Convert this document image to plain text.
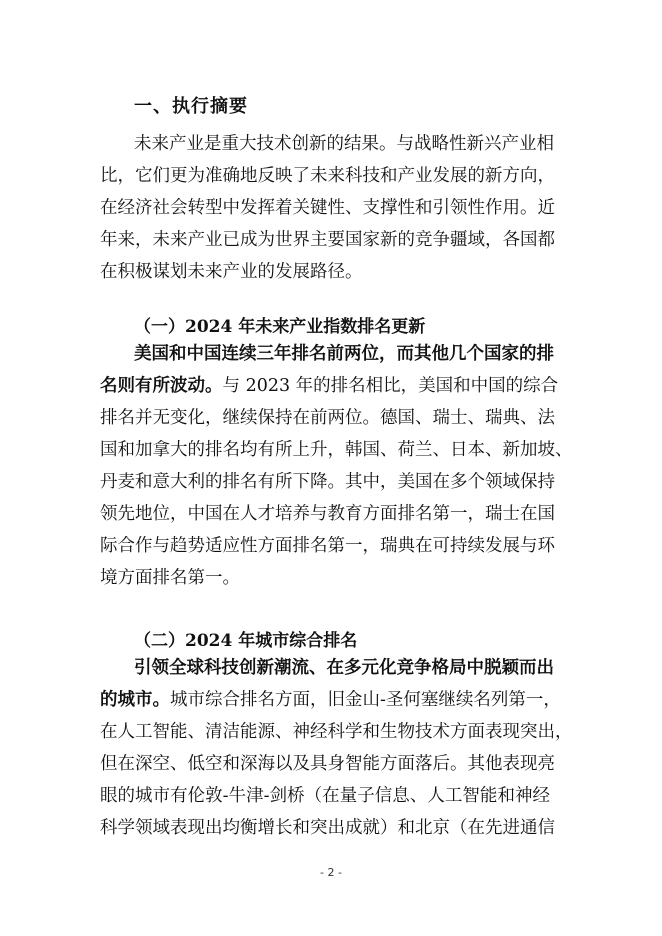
一、执行摘要
未来产业是重大技术创新的结果。与战略性新兴产业相
比，它们更为准确地反映了未来科技和产业发展的新方向，
在经济社会转型中发挥着关键性、支撑性和引领性作用。近
年来，未来产业已成为世界主要国家新的竞争疆域，各国都
在积极谋划未来产业的发展路径。
（一）2024 年未来产业指数排名更新
美国和中国连续三年排名前两位，而其他几个国家的排
名则有所波动。与 2023 年的排名相比，美国和中国的综合
排名并无变化，继续保持在前两位。德国、瑞士、瑞典、法
国和加拿大的排名均有所上升，韩国、荷兰、日本、新加坡、
丹麦和意大利的排名有所下降。其中，美国在多个领域保持
领先地位，中国在人才培养与教育方面排名第一，瑞士在国
际合作与趋势适应性方面排名第一，瑞典在可持续发展与环
境方面排名第一。
（二）2024 年城市综合排名
引领全球科技创新潮流、在多元化竞争格局中脱颖而出
的城市。城市综合排名方面，旧金山-圣何塞继续名列第一，
在人工智能、清洁能源、神经科学和生物技术方面表现突出，
但在深空、低空和深海以及具身智能方面落后。其他表现亮
眼的城市有伦敦-牛津-剑桥（在量子信息、人工智能和神经
科学领域表现出均衡增长和突出成就）和北京（在先进通信
- 2 -
